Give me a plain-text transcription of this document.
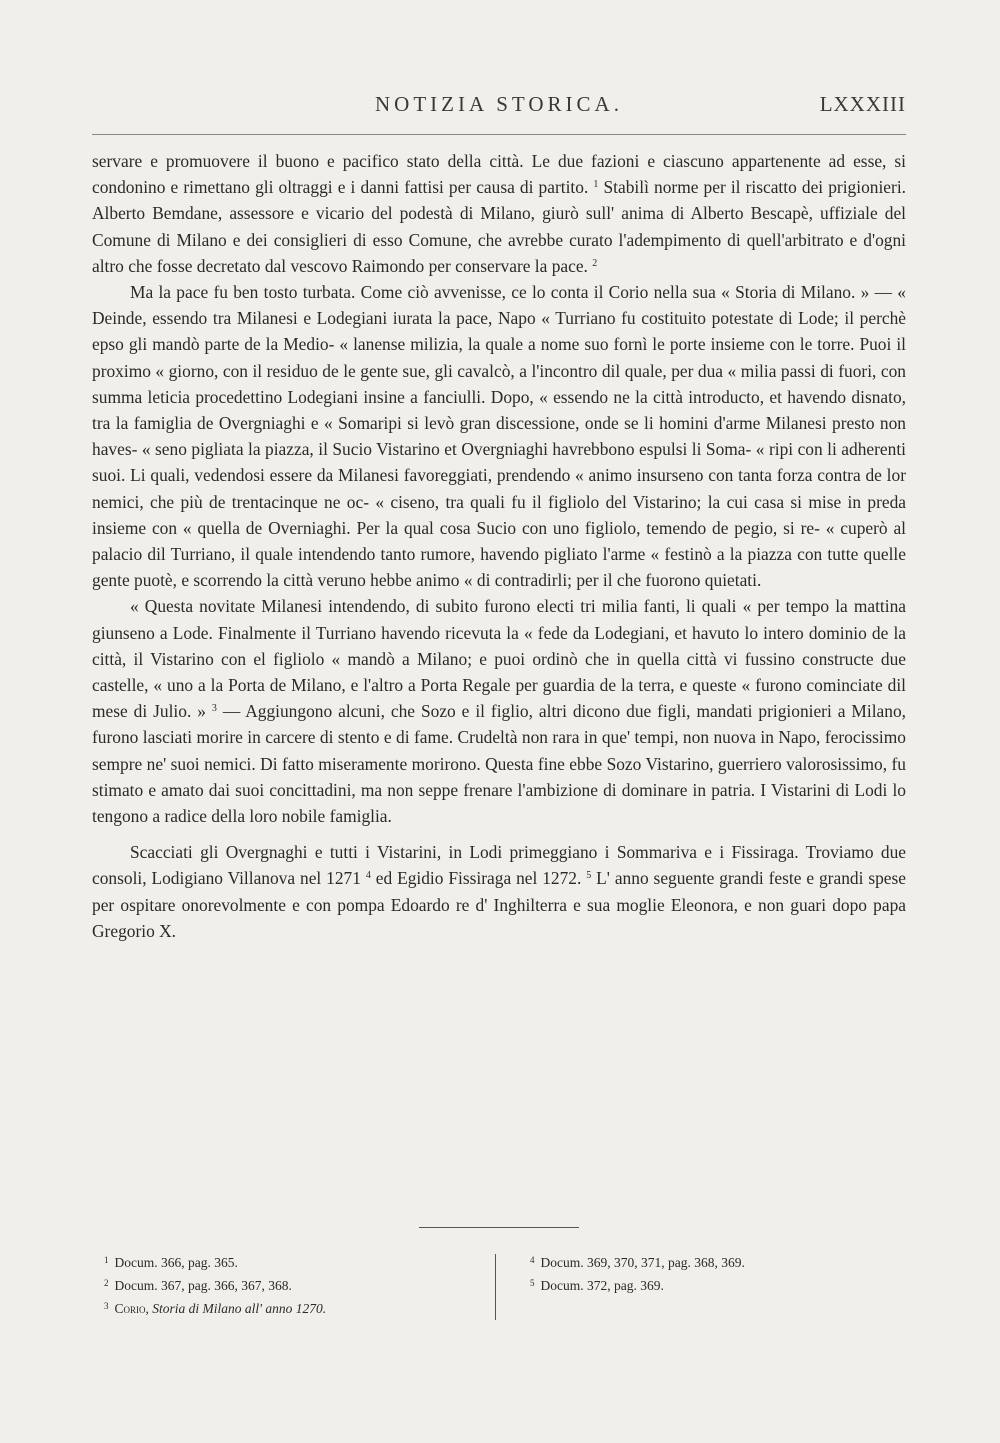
NOTIZIA STORICA.	LXXXIII

servare e promuovere il buono e pacifico stato della città. Le due fazioni e ciascuno appartenente ad esse, si condonino e rimettano gli oltraggi e i danni fattisi per causa di partito. $^1$ Stabilì norme per il riscatto dei prigionieri. Alberto Bemdane, assessore e vicario del podestà di Milano, giurò sull' anima di Alberto Bescapè, uffiziale del Comune di Milano e dei consiglieri di esso Comune, che avrebbe curato l'adempimento di quell'arbitrato e d'ogni altro che fosse decretato dal vescovo Raimondo per conservare la pace. $^2$

Ma la pace fu ben tosto turbata. Come ciò avvenisse, ce lo conta il Corio nella sua « Storia di Milano. » — « Deinde, essendo tra Milanesi e Lodegiani iurata la pace, Napo « Turriano fu costituito potestate di Lode; il perchè epso gli mandò parte de la Medio- « lanense milizia, la quale a nome suo fornì le porte insieme con le torre. Puoi il proximo « giorno, con il residuo de le gente sue, gli cavalcò, a l'incontro dil quale, per dua « milia passi di fuori, con summa leticia procedettino Lodegiani insine a fanciulli. Dopo, « essendo ne la città introducto, et havendo disnato, tra la famiglia de Overgniaghi e « Somaripi si levò gran discessione, onde se li homini d'arme Milanesi presto non haves- « seno pigliata la piazza, il Sucio Vistarino et Overgniaghi havrebbono espulsi li Soma- « ripi con li adherenti suoi. Li quali, vedendosi essere da Milanesi favoreggiati, prendendo « animo insurseno con tanta forza contra de lor nemici, che più de trentacinque ne oc- « ciseno, tra quali fu il figliolo del Vistarino; la cui casa si mise in preda insieme con « quella de Overniaghi. Per la qual cosa Sucio con uno figliolo, temendo de pegio, si re- « cuperò al palacio dil Turriano, il quale intendendo tanto rumore, havendo pigliato l'arme « festinò a la piazza con tutte quelle gente puotè, e scorrendo la città veruno hebbe animo « di contradirli; per il che fuorono quietati.

« Questa novitate Milanesi intendendo, di subito furono electi tri milia fanti, li quali « per tempo la mattina giunseno a Lode. Finalmente il Turriano havendo ricevuta la « fede da Lodegiani, et havuto lo intero dominio de la città, il Vistarino con el figliolo « mandò a Milano; e puoi ordinò che in quella città vi fussino constructe due castelle, « uno a la Porta de Milano, e l'altro a Porta Regale per guardia de la terra, e queste « furono cominciate dil mese di Julio. » $^3$ — Aggiungono alcuni, che Sozo e il figlio, altri dicono due figli, mandati prigionieri a Milano, furono lasciati morire in carcere di stento e di fame. Crudeltà non rara in que' tempi, non nuova in Napo, ferocissimo sempre ne' suoi nemici. Di fatto miseramente morirono. Questa fine ebbe Sozo Vistarino, guerriero valorosissimo, fu stimato e amato dai suoi concittadini, ma non seppe frenare l'ambizione di dominare in patria. I Vistarini di Lodi lo tengono a radice della loro nobile famiglia.

Scacciati gli Overgnaghi e tutti i Vistarini, in Lodi primeggiano i Sommariva e i Fissiraga. Troviamo due consoli, Lodigiano Villanova nel 1271 $^4$ ed Egidio Fissiraga nel 1272. $^5$ L' anno seguente grandi feste e grandi spese per ospitare onorevolmente e con pompa Edoardo re d' Inghilterra e sua moglie Eleonora, e non guari dopo papa Gregorio X.

$^1$ Docum. 366, pag. 365.
$^2$ Docum. 367, pag. 366, 367, 368.
$^3$ Corio, Storia di Milano all' anno 1270.
$^4$ Docum. 369, 370, 371, pag. 368, 369.
$^5$ Docum. 372, pag. 369.
